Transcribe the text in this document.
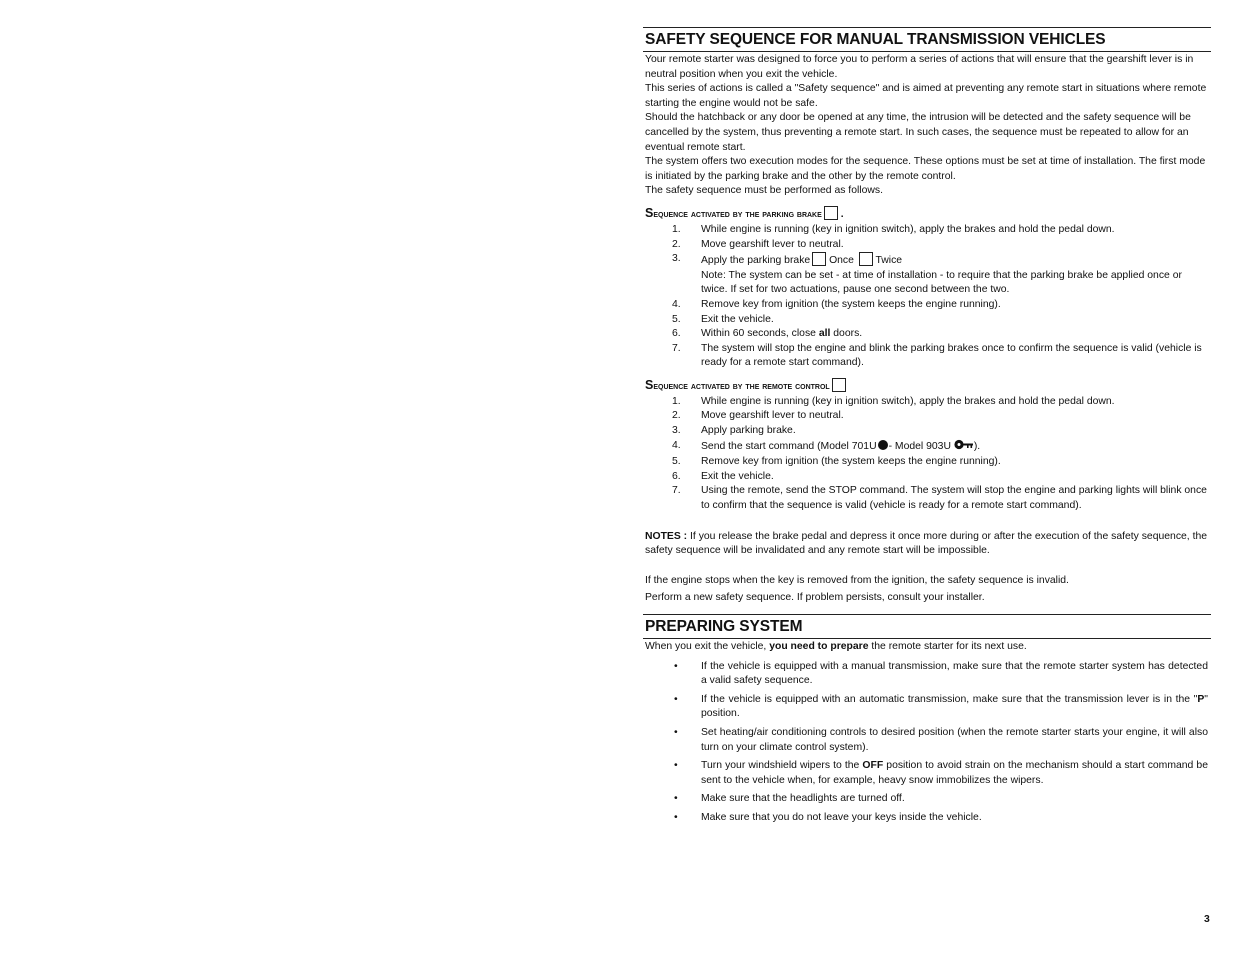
SAFETY SEQUENCE FOR MANUAL TRANSMISSION VEHICLES

Your remote starter was designed to force you to perform a series of actions that will ensure that the gearshift lever is in neutral position when you exit the vehicle.

This series of actions is called a "Safety sequence" and is aimed at preventing any remote start in situations where remote starting the engine would not be safe.

Should the hatchback or any door be opened at any time, the intrusion will be detected and the safety sequence will be cancelled by the system, thus preventing a remote start. In such cases, the sequence must be repeated to allow for an eventual remote start.

The system offers two execution modes for the sequence. These options must be set at time of installation. The first mode is initiated by the parking brake and the other by the remote control.

The safety sequence must be performed as follows.

Sequence activated by the parking brake .
1. While engine is running (key in ignition switch), apply the brakes and hold the pedal down.
2. Move gearshift lever to neutral.
3. Apply the parking brake Once Twice
Note: The system can be set - at time of installation - to require that the parking brake be applied once or twice. If set for two actuations, pause one second between the two.
4. Remove key from ignition (the system keeps the engine running).
5. Exit the vehicle.
6. Within 60 seconds, close all doors.
7. The system will stop the engine and blink the parking brakes once to confirm the sequence is valid (vehicle is ready for a remote start command).
Sequence activated by the remote control
1. While engine is running (key in ignition switch), apply the brakes and hold the pedal down.
2. Move gearshift lever to neutral.
3. Apply parking brake.
4. Send the start command (Model 701U - Model 903U ).
5. Remove key from ignition (the system keeps the engine running).
6. Exit the vehicle.
7. Using the remote, send the STOP command. The system will stop the engine and parking lights will blink once to confirm that the sequence is valid (vehicle is ready for a remote start command).

NOTES : If you release the brake pedal and depress it once more during or after the execution of the safety sequence, the safety sequence will be invalidated and any remote start will be impossible.

If the engine stops when the key is removed from the ignition, the safety sequence is invalid.

Perform a new safety sequence. If problem persists, consult your installer.

PREPARING SYSTEM
When you exit the vehicle, you need to prepare the remote starter for its next use.
• If the vehicle is equipped with a manual transmission, make sure that the remote starter system has detected a valid safety sequence.
• If the vehicle is equipped with an automatic transmission, make sure that the transmission lever is in the "P" position.
• Set heating/air conditioning controls to desired position (when the remote starter starts your engine, it will also turn on your climate control system).
• Turn your windshield wipers to the OFF position to avoid strain on the mechanism should a start command be sent to the vehicle when, for example, heavy snow immobilizes the wipers.
• Make sure that the headlights are turned off.
• Make sure that you do not leave your keys inside the vehicle.
3
